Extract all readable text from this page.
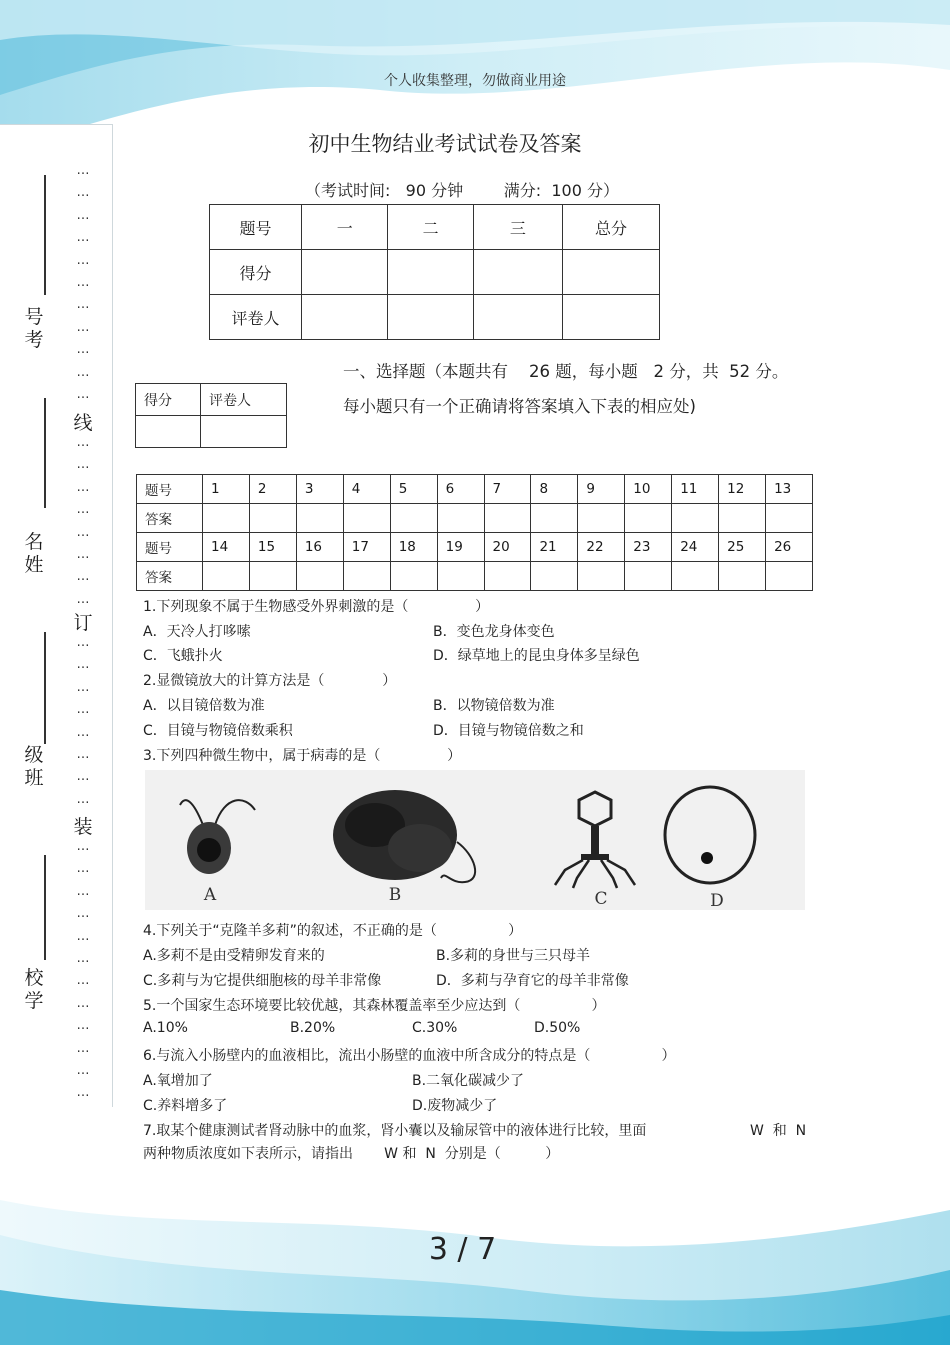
个人收集整理，勿做商业用途
号
考
名
姓
级
班
校
学
…
…
…
…
…
…
…
…
…
…
…
线
…
…
…
…
…
…
…
…
订
…
…
…
…
…
…
…
…
装
…
…
…
…
…
…
…
…
…
…
…
…
初中生物结业考试试卷及答案
（考试时间:   90 分钟        满分:  100 分）
题号	一	二	三	总分
得分				
评卷人				
得分	评卷人

一、选择题（本题共有    26 题，每小题   2 分，共  52 分。
每小题只有一个正确请将答案填入下表的相应处)
题号	1	2	3	4	5	6	7	8	9	10	11	12	13
答案													
题号	14	15	16	17	18	19	20	21	22	23	24	25	26
答案													
1.下列现象不属于生物感受外界刺激的是（               ）
A．天冷人打哆嗦	B．变色龙身体变色
C．飞蛾扑火	D．绿草地上的昆虫身体多呈绿色
2.显微镜放大的计算方法是（             ）
A．以目镜倍数为准	B．以物镜倍数为准
C．目镜与物镜倍数乘积	D．目镜与物镜倍数之和
3.下列四种微生物中，属于病毒的是（               ）
A	B	C	D
4.下列关于“克隆羊多莉”的叙述，不正确的是（                ）
A.多莉不是由受精卵发育来的	B.多莉的身世与三只母羊
C.多莉与为它提供细胞核的母羊非常像	D．多莉与孕育它的母羊非常像
5.一个国家生态环境要比较优越，其森林覆盖率至少应达到（                ）
A.10%	B.20%	C.30%	D.50%
6.与流入小肠壁内的血液相比，流出小肠壁的血液中所含成分的特点是（                ）
A.氧增加了	B.二氧化碳减少了
C.养料增多了	D.废物减少了
7.取某个健康测试者肾动脉中的血浆，肾小囊以及输尿管中的液体进行比较，里面	W  和  N
两种物质浓度如下表所示，请指出       W 和  N  分别是（          ）
3 / 7
